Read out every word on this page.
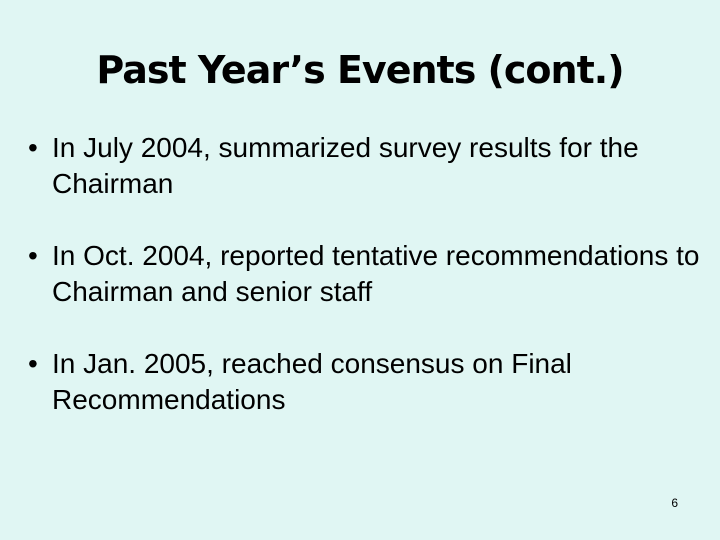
Past Year’s Events (cont.)
• In July 2004, summarized survey results for the Chairman
• In Oct. 2004, reported tentative recommendations to Chairman and senior staff
• In Jan. 2005, reached consensus on Final Recommendations
6
